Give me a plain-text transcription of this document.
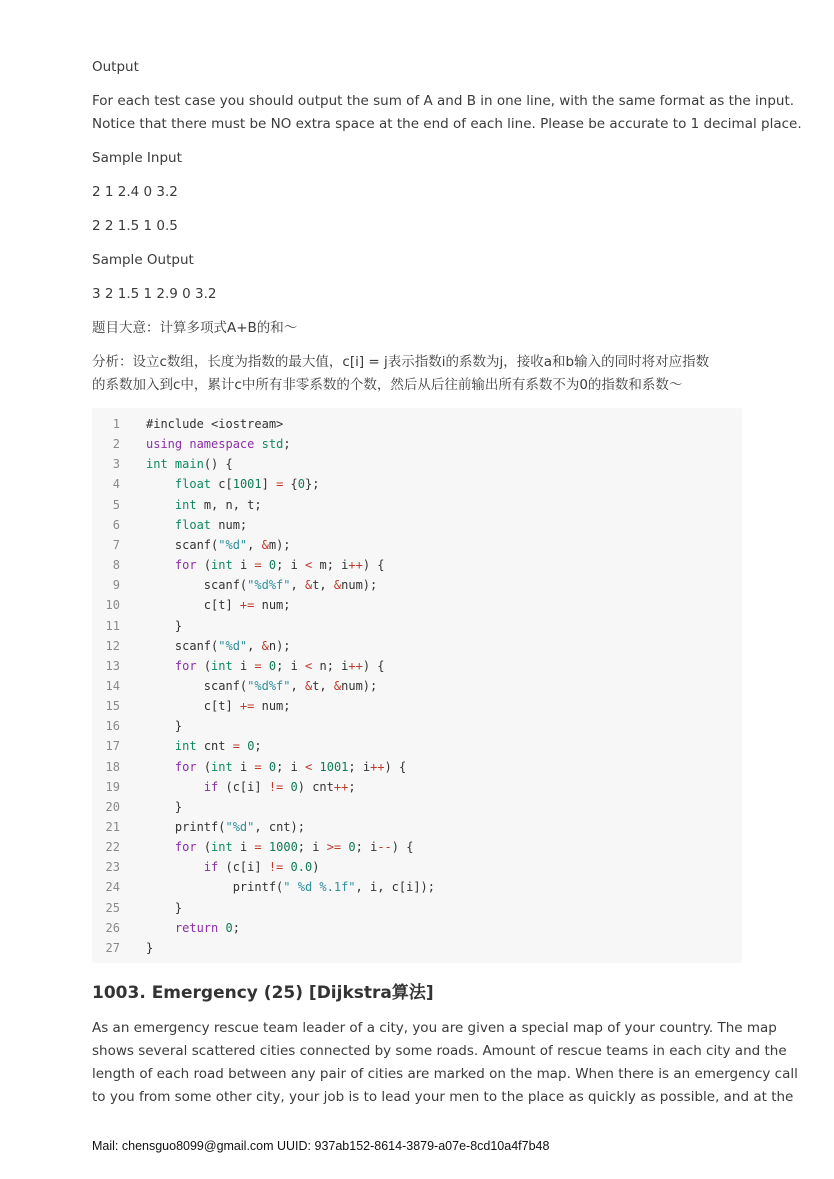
Output
For each test case you should output the sum of A and B in one line, with the same format as the input.
Notice that there must be NO extra space at the end of each line. Please be accurate to 1 decimal place.
Sample Input
2 1 2.4 0 3.2
2 2 1.5 1 0.5
Sample Output
3 2 1.5 1 2.9 0 3.2
题目大意：计算多项式A+B的和～
分析：设立c数组，长度为指数的最大值，c[i] = j表示指数i的系数为j，接收a和b输入的同时将对应指数
的系数加入到c中，累计c中所有非零系数的个数，然后从后往前输出所有系数不为0的指数和系数～
1 #include <iostream>
2 using namespace std;
3 int main() {
4	float c[1001] = {0};
5	int m, n, t;
6	float num;
7 scanf("%d", &m);
8	for (int i = 0; i < m; i++) {
9 scanf("%d%f", &t, &num);
10 c[t] += num;
11 }
12 scanf("%d", &n);
13	for (int i = 0; i < n; i++) {
14 scanf("%d%f", &t, &num);
15 c[t] += num;
16 }
17	int cnt = 0;
18	for (int i = 0; i < 1001; i++) {
19	if (c[i] != 0) cnt++;
20 }
21 printf("%d", cnt);
22	for (int i = 1000; i >= 0; i--) {
23	if (c[i] != 0.0)
24 printf(" %d %.1f", i, c[i]);
25 }
26	return 0;
27 }
1003. Emergency (25) [Dijkstra算法]
As an emergency rescue team leader of a city, you are given a special map of your country. The map
shows several scattered cities connected by some roads. Amount of rescue teams in each city and the
length of each road between any pair of cities are marked on the map. When there is an emergency call
to you from some other city, your job is to lead your men to the place as quickly as possible, and at the
Mail: chensguo8099@gmail.com UUID: 937ab152-8614-3879-a07e-8cd10a4f7b48
